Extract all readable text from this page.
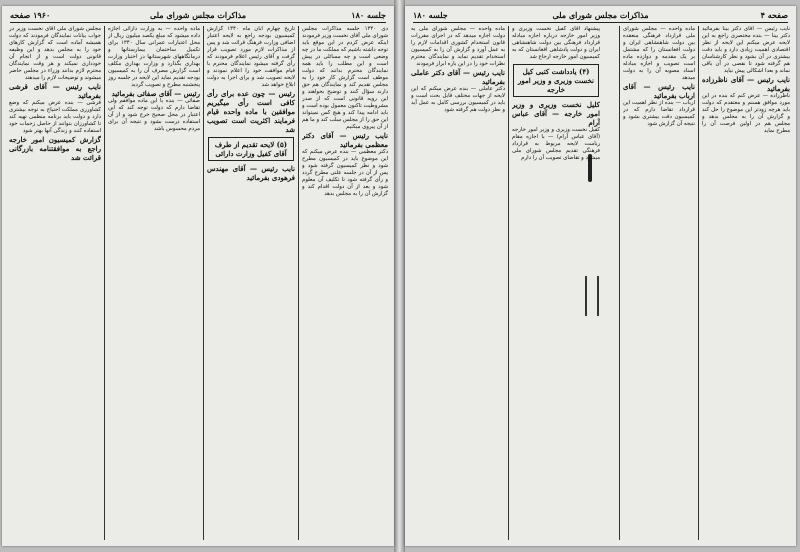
۱۹۶۰ صفحه	مذاکرات مجلس شورای ملی	جلسه ۱۸۰
دی ۱۳۴۰ جلسه مذاکرات مجلس شورای ملی آقای نخست وزیر فرمودند اینکه عرض کردم در این موقع باید توجه داشته باشیم که مملکت ما در چه وضعی است و چه مسائلی در پیش است و این مطلب را باید همه نمایندگان محترم بدانند که دولت موظف است گزارش کار خود را به مجلس تقدیم کند و نمایندگان هم حق دارند سؤال کنند و توضیح بخواهند و این رویه قانونی است که از صدر مشروطیت تاکنون معمول بوده است و باید ادامه پیدا کند و هیچ کس نمیتواند این حق را از مجلس سلب کند و ما هم از آن پیروی میکنیم
نایب رئیس — آقای دکتر معظمی بفرمائید
دکتر معظمی — بنده عرض میکنم که این موضوع باید در کمیسیون مطرح شود و نظر کمیسیون گرفته شود و پس از آن در جلسه علنی مطرح گردد و رأی گرفته شود تا تکلیف آن معلوم شود و بعد از آن دولت اقدام کند و گزارش آن را به مجلس بدهد
تاریخ چهارم آبان ماه ۱۳۴۰ گزارش کمیسیون بودجه راجع به لایحه اعتبار اضافی وزارت فرهنگ قرائت شد و پس از مذاکرات لازم مورد تصویب قرار گرفت و آقای رئیس اعلام فرمودند که رأی گرفته میشود نمایندگان محترم با قیام موافقت خود را اعلام نمودند و لایحه تصویب شد و برای اجرا به دولت ابلاغ خواهد شد
رئیس — چون عده برای رأی کافی است رأی میگیریم موافقین با ماده واحده قیام فرمایند اکثریت است تصویب شد
(۵) لایحه تقدیم از طرف آقای کفیل وزارت دارائی
نایب رئیس — آقای مهندس فرهودی بفرمائید
ماده واحده — به وزارت دارائی اجازه داده میشود که مبلغ یکصد میلیون ریال از محل اعتبارات عمرانی سال ۱۳۴۰ برای تکمیل ساختمان بیمارستانها و درمانگاههای شهرستانها در اختیار وزارت بهداری بگذارد و وزارت بهداری مکلف است گزارش مصرف آن را به کمیسیون بودجه تقدیم نماید این لایحه در جلسه روز پنجشنبه مطرح و تصویب گردید
رئیس — آقای صفائی بفرمائید
صفائی — بنده با این ماده موافقم ولی تقاضا دارم که دولت توجه کند که این اعتبار در محل صحیح خرج شود و از آن استفاده درست بشود و نتیجه آن برای مردم محسوس باشد
مجلس شورای ملی آقای نخست وزیر در جواب بیانات نمایندگان فرمودند که دولت همیشه آماده است که گزارش کارهای خود را به مجلس بدهد و این وظیفه قانونی دولت است و از انجام آن خودداری نمیکند و هر وقت نمایندگان محترم لازم بدانند وزراء در مجلس حاضر میشوند و توضیحات لازم را میدهند
نایب رئیس — آقای قرشی بفرمائید
قرشی — بنده عرض میکنم که وضع کشاورزی مملکت احتیاج به توجه بیشتری دارد و دولت باید برنامه منظمی تهیه کند تا کشاورزان بتوانند از حاصل زحمات خود استفاده کنند و زندگی آنها بهتر شود
گزارش کمیسیون امور خارجه راجع به موافقتنامه بازرگانی قرائت شد
صفحه ۴
مذاکرات مجلس شورای ملی
جلسه ۱۸۰
نایب رئیس — آقای دکتر بینا بفرمائید دکتر بینا — بنده مختصری راجع به این لایحه عرض میکنم این لایحه از نظر اقتصادی اهمیت زیادی دارد و باید دقت بیشتری در آن بشود و نظر کارشناسان هم گرفته شود تا نقصی در آن باقی نماند و بعدا اشکالی پیش نیاید
نایب رئیس — آقای ناظرزاده بفرمائید
ناظرزاده — عرض کنم که بنده در این مورد موافق هستم و معتقدم که دولت باید هرچه زودتر این موضوع را حل کند و گزارش آن را به مجلس بدهد و مجلس هم در اولین فرصت آن را مطرح نماید
ماده واحده — مجلس شورای ملی قرارداد فرهنگی منعقده بین دولت شاهنشاهی ایران و دولت افغانستان را که مشتمل بر یک مقدمه و دوازده ماده است تصویب و اجازه مبادله اسناد مصوبه آن را به دولت میدهد
نایب رئیس — آقای ارباب بفرمائید
ارباب — بنده از نظر اهمیت این قرارداد تقاضا دارم که در کمیسیون دقت بیشتری بشود و نتیجه آن گزارش شود
پیشنهاد آقای کفیل نخست وزیری و وزیر امور خارجه درباره اجازه مبادله قرارداد فرهنگی بین دولت شاهنشاهی ایران و دولت پادشاهی افغانستان که به کمیسیون امور خارجه ارجاع شد
(۴) یادداشت کتبی کیل نخست وزیری و وزیر امور خارجه
کلیل نخست وزیری و وزیر امور خارجه — آقای عباس آرام
کفیل نخست وزیری و وزیر امور خارجه (آقای عباس آرام) — با اجازه مقام ریاست لایحه مربوط به قرارداد فرهنگی تقدیم مجلس شورای ملی میشود و تقاضای تصویب آن را دارم
ماده واحده — مجلس شورای ملی به دولت اجازه میدهد که در اجرای مقررات قانون استخدام کشوری اقدامات لازم را به عمل آورد و گزارش آن را به کمیسیون استخدام تقدیم نماید و نمایندگان محترم نظرات خود را در این باره ابراز فرمودند
نایب رئیس — آقای دکتر عاملی بفرمائید
دکتر عاملی — بنده عرض میکنم که این لایحه از جهات مختلف قابل بحث است و باید در کمیسیون بررسی کامل به عمل آید و نظر دولت هم گرفته شود
